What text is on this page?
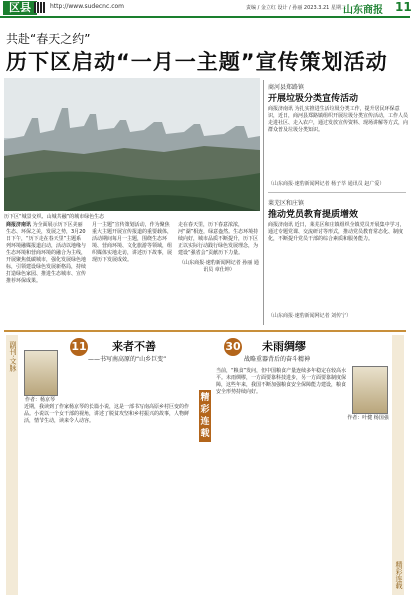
区县	http://www.sudecnc.com	责编 / 金立红 设计 / 孙丽 2023.3.21 星期二
山东商报 11
共赴“春天之约”
历下区启动“一月一主题”宣传策划活动
历下区“城景交织、山城共融”的城市绿色生态
商报济南讯 为全面展示历下区美丽生态、环保之美，发展之势，3月20日下午，“历下走在春天里”主题系列环境融媒报道启动，活动以地缘与生态环境和营商环境的融合为主线，开展聚焦低碳城市，强化发展绿色地标，引领建设绿色发展新格局，持续打造绿色家园、推进生态城市、宣传推荐环保成果。
月一主题”宣传策划活动，作为聚焦重大主题开展宣传报道的重要载体，活动期间每月一主题，围绕生态环境、营商环境、文化旅游等领域，组织媒体实地走访，讲述历下故事，展现历下发展成效。
走在春天里，历下春意浓浓，河“湖”相连，绿意盎然。生态环境持续向好，城市品质不断提升，历下区正以实际行动践行绿色发展理念，为建设“强省会”贡献历下力量。
（山东商报·速豹新闻网记者 孙丽 通讯员 章仕坤）
商河县郑路镇
开展垃圾分类宣传活动
商报济南讯 为扎实推进生活垃圾分类工作，提升居民环保意识，近日，商河县郑路镇组织开展垃圾分类宣传活动，工作人员走进社区、走入农户，通过发放宣传资料、现场讲解等方式，向群众普及垃圾分类知识。
（山东商报·速豹新闻网记者 杨子萃 通讯员 赵广爱）
莱芜区和庄镇
推动党员教育提质增效
商报济南讯 近日，莱芜区和庄镇组织全镇党员开展集中学习，通过专题党课、交流研讨等形式，推动党员教育常态化、制度化，不断提升党员干部的综合素质和服务能力。
（山东商报·速豹新闻网记者 刘传宁）
副刊·文脉
精彩连载
11 来者不善
——书写南高原的“山乡巨变”
作者：杨京琴
近期，我读到了作家杨京琴的长篇小说，这是一部书写南高原乡村巨变的作品。小说以一个女干部的视角，讲述了脱贫攻坚和乡村振兴的故事，人物鲜活，情节生动，读来令人动容。
精彩连载
30 未雨绸缪
战略重器背后的奋斗精神
作者：叶健 杨国强
当前，“粮食”发问，但中国粮食产量连续多年稳定在较高水平。未雨绸缪，一方面要靠科技进步，另一方面要靠制度保障，这些年来，我国不断加强粮食安全保障能力建设，粮食安全形势持续向好。
